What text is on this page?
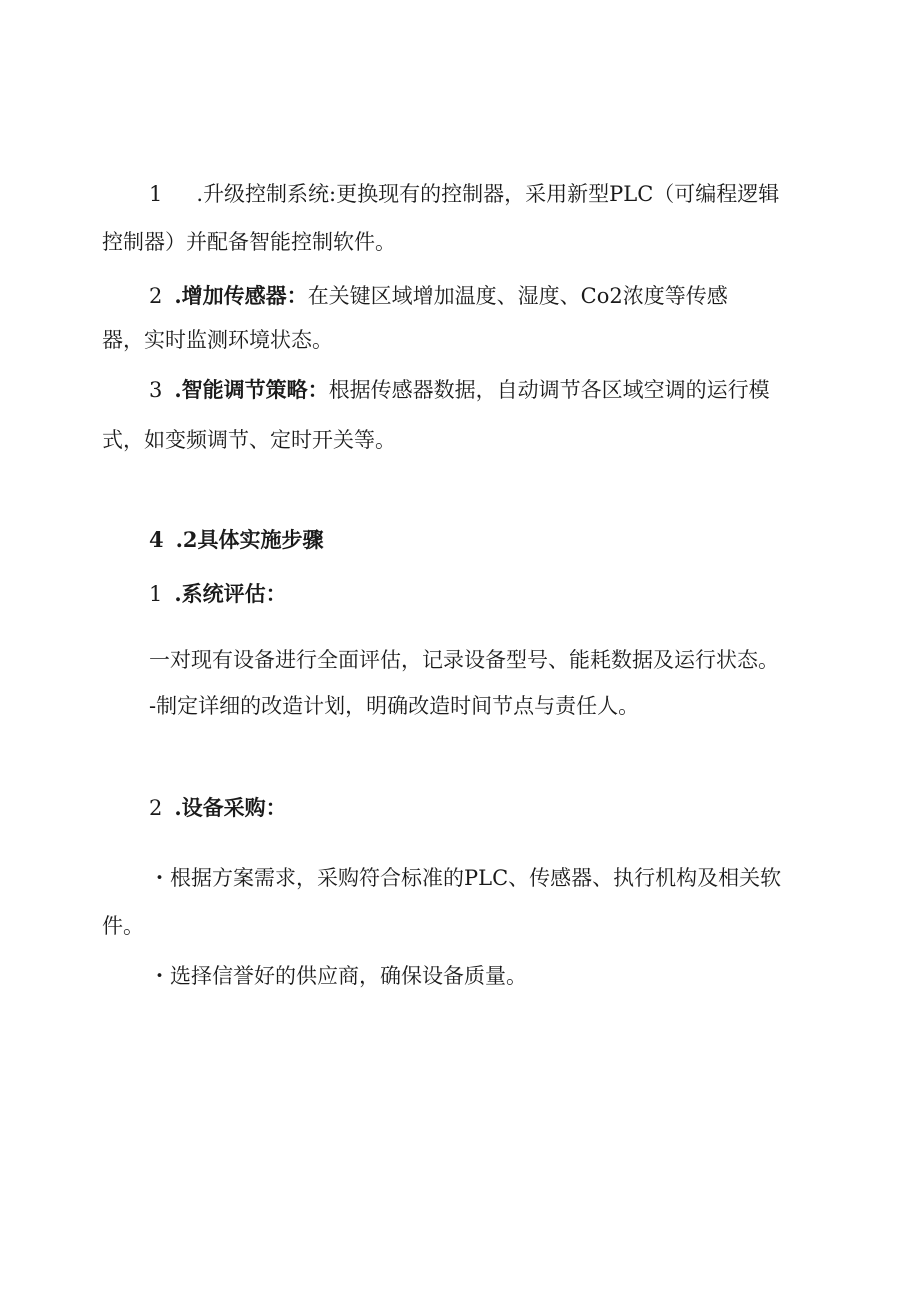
1 .升级控制系统:更换现有的控制器，采用新型PLC（可编程逻辑
控制器）并配备智能控制软件。
2 .增加传感器：在关键区域增加温度、湿度、Co2浓度等传感
器，实时监测环境状态。
3 .智能调节策略：根据传感器数据，自动调节各区域空调的运行模
式，如变频调节、定时开关等。
4 .2具体实施步骤
1 .系统评估：
一对现有设备进行全面评估，记录设备型号、能耗数据及运行状态。
-制定详细的改造计划，明确改造时间节点与责任人。
2 .设备采购：
・根据方案需求，采购符合标准的PLC、传感器、执行机构及相关软
件。
・选择信誉好的供应商，确保设备质量。
